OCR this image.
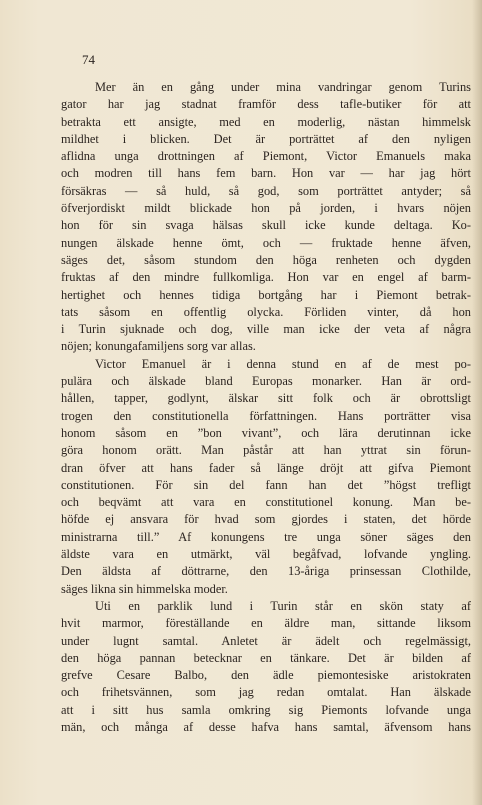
74
Mer än en gång under mina vandringar genom Turins
gator har jag stadnat framför dess tafle-butiker för att
betrakta ett ansigte, med en moderlig, nästan himmelsk
mildhet i blicken. Det är porträttet af den nyligen
aflidna unga drottningen af Piemont, Victor Emanuels maka
och modren till hans fem barn. Hon var — har jag hört
försäkras — så huld, så god, som porträttet antyder; så
öfverjordiskt mildt blickade hon på jorden, i hvars nöjen
hon för sin svaga hälsas skull icke kunde deltaga. Ko-
nungen älskade henne ömt, och — fruktade henne äfven,
säges det, såsom stundom den höga renheten och dygden
fruktas af den mindre fullkomliga. Hon var en engel af barm-
hertighet och hennes tidiga bortgång har i Piemont betrak-
tats såsom en offentlig olycka. Förliden vinter, då hon
i Turin sjuknade och dog, ville man icke der veta af några
nöjen; konungafamiljens sorg var allas.
Victor Emanuel är i denna stund en af de mest po-
pulära och älskade bland Europas monarker. Han är ord-
hållen, tapper, godlynt, älskar sitt folk och är obrottsligt
trogen den constitutionella författningen. Hans porträtter visa
honom såsom en ”bon vivant”, och lära derutinnan icke
göra honom orätt. Man påstår att han yttrat sin förun-
dran öfver att hans fader så länge dröjt att gifva Piemont
constitutionen. För sin del fann han det ”högst trefligt
och beqvämt att vara en constitutionel konung. Man be-
höfde ej ansvara för hvad som gjordes i staten, det hörde
ministrarna till.” Af konungens tre unga söner säges den
äldste vara en utmärkt, väl begåfvad, lofvande yngling.
Den äldsta af döttrarne, den 13-åriga prinsessan Clothilde,
säges likna sin himmelska moder.
Uti en parklik lund i Turin står en skön staty af
hvit marmor, föreställande en äldre man, sittande liksom
under lugnt samtal. Anletet är ädelt och regelmässigt,
den höga pannan betecknar en tänkare. Det är bilden af
grefve Cesare Balbo, den ädle piemontesiske aristokraten
och frihetsvännen, som jag redan omtalat. Han älskade
att i sitt hus samla omkring sig Piemonts lofvande unga
män, och många af desse hafva hans samtal, äfvensom hans
